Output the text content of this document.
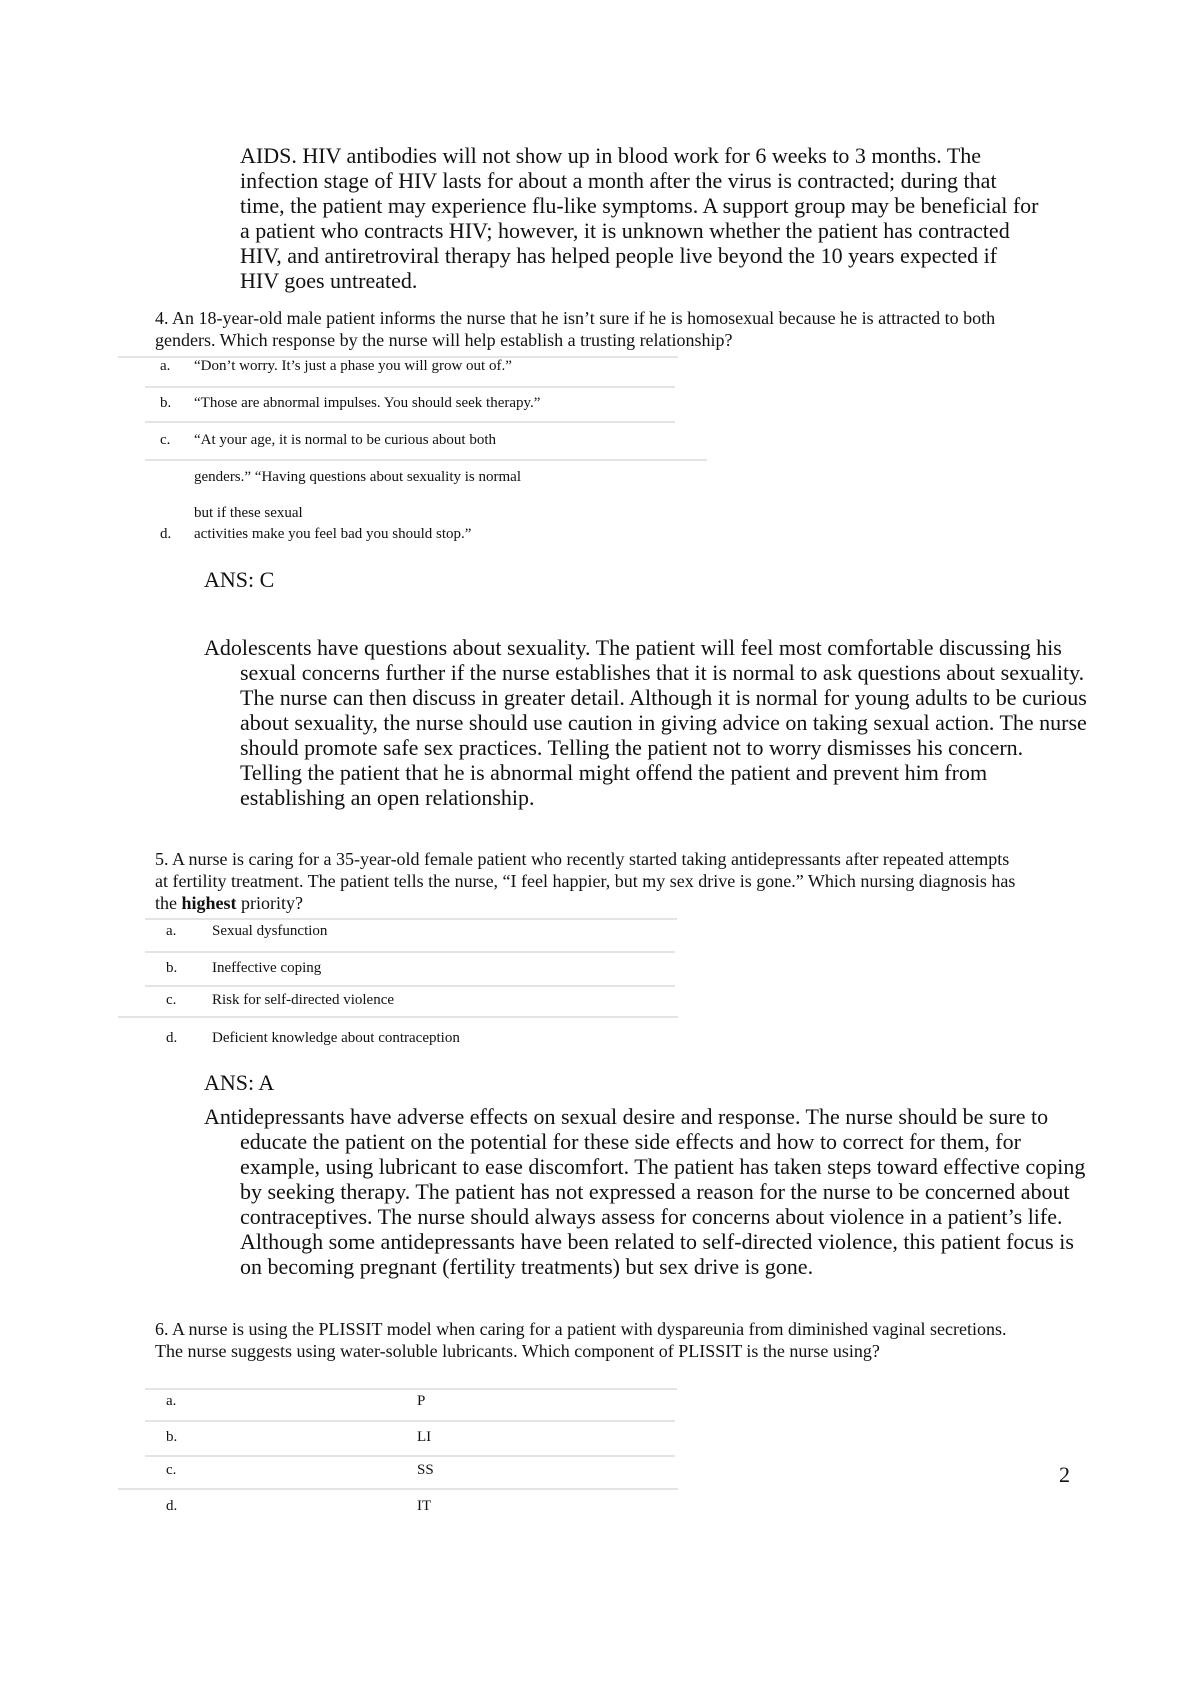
AIDS. HIV antibodies will not show up in blood work for 6 weeks to 3 months. The infection stage of HIV lasts for about a month after the virus is contracted; during that time, the patient may experience flu-like symptoms. A support group may be beneficial for a patient who contracts HIV; however, it is unknown whether the patient has contracted HIV, and antiretroviral therapy has helped people live beyond the 10 years expected if HIV goes untreated.
4. An 18-year-old male patient informs the nurse that he isn’t sure if he is homosexual because he is attracted to both genders. Which response by the nurse will help establish a trusting relationship?
a. “Don’t worry. It’s just a phase you will grow out of.”
b. “Those are abnormal impulses. You should seek therapy.”
c. “At your age, it is normal to be curious about both
genders.” “Having questions about sexuality is normal
but if these sexual
d. activities make you feel bad you should stop.”
ANS: C
Adolescents have questions about sexuality. The patient will feel most comfortable discussing his sexual concerns further if the nurse establishes that it is normal to ask questions about sexuality. The nurse can then discuss in greater detail. Although it is normal for young adults to be curious about sexuality, the nurse should use caution in giving advice on taking sexual action. The nurse should promote safe sex practices. Telling the patient not to worry dismisses his concern. Telling the patient that he is abnormal might offend the patient and prevent him from establishing an open relationship.
5. A nurse is caring for a 35-year-old female patient who recently started taking antidepressants after repeated attempts at fertility treatment. The patient tells the nurse, “I feel happier, but my sex drive is gone.” Which nursing diagnosis has the highest priority?
a. Sexual dysfunction
b. Ineffective coping
c. Risk for self-directed violence
d. Deficient knowledge about contraception
ANS: A
Antidepressants have adverse effects on sexual desire and response. The nurse should be sure to educate the patient on the potential for these side effects and how to correct for them, for example, using lubricant to ease discomfort. The patient has taken steps toward effective coping by seeking therapy. The patient has not expressed a reason for the nurse to be concerned about contraceptives. The nurse should always assess for concerns about violence in a patient’s life. Although some antidepressants have been related to self-directed violence, this patient focus is on becoming pregnant (fertility treatments) but sex drive is gone.
6. A nurse is using the PLISSIT model when caring for a patient with dyspareunia from diminished vaginal secretions. The nurse suggests using water-soluble lubricants. Which component of PLISSIT is the nurse using?
a.	P
b.	LI
c.	SS
d.	IT
2
